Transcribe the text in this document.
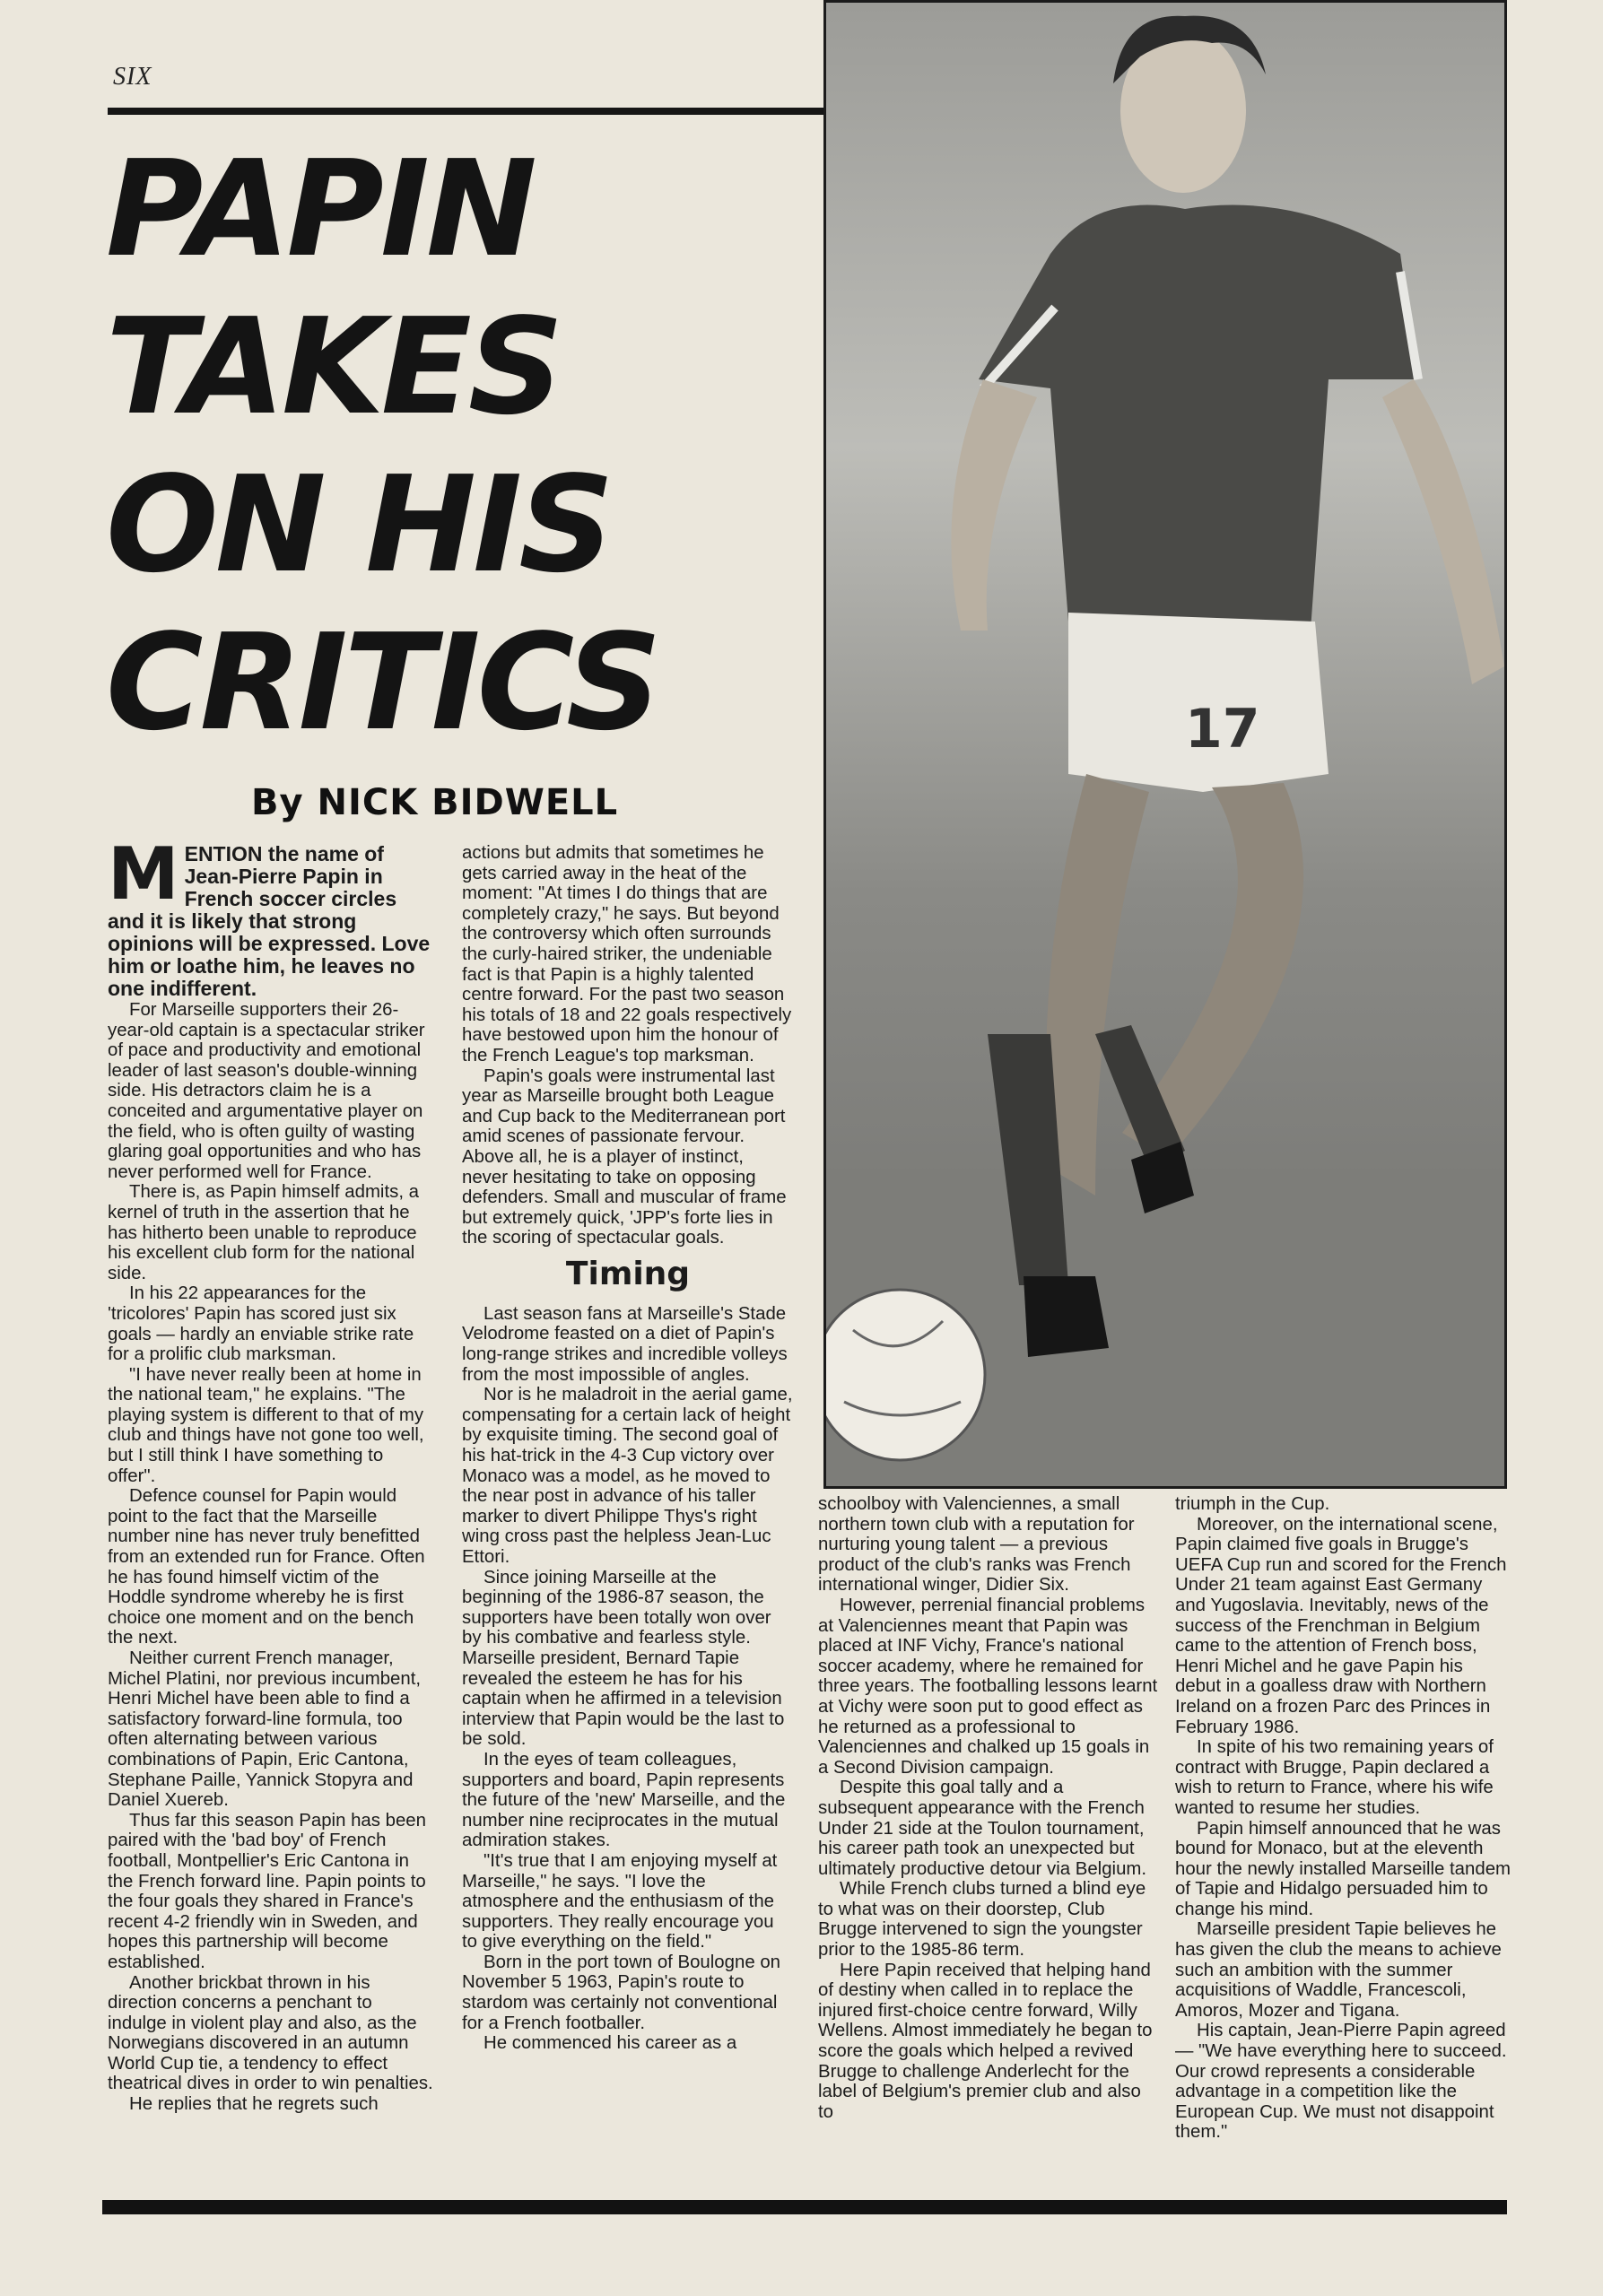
SIX
PAPIN
TAKES
ON HIS
CRITICS
By NICK BIDWELL
17

MENTION the name of Jean-Pierre Papin in French soccer circles and it is likely that strong opinions will be expressed. Love him or loathe him, he leaves no one indifferent.

For Marseille supporters their 26-year-old captain is a spectacular striker of pace and productivity and emotional leader of last season's double-winning side. His detractors claim he is a conceited and argumentative player on the field, who is often guilty of wasting glaring goal opportunities and who has never performed well for France.

There is, as Papin himself admits, a kernel of truth in the assertion that he has hitherto been unable to reproduce his excellent club form for the national side.

In his 22 appearances for the 'tricolores' Papin has scored just six goals — hardly an enviable strike rate for a prolific club marksman.

"I have never really been at home in the national team," he explains. "The playing system is different to that of my club and things have not gone too well, but I still think I have something to offer".

Defence counsel for Papin would point to the fact that the Marseille number nine has never truly benefitted from an extended run for France. Often he has found himself victim of the Hoddle syndrome whereby he is first choice one moment and on the bench the next.

Neither current French manager, Michel Platini, nor previous incumbent, Henri Michel have been able to find a satisfactory forward-line formula, too often alternating between various combinations of Papin, Eric Cantona, Stephane Paille, Yannick Stopyra and Daniel Xuereb.

Thus far this season Papin has been paired with the 'bad boy' of French football, Montpellier's Eric Cantona in the French forward line. Papin points to the four goals they shared in France's recent 4-2 friendly win in Sweden, and hopes this partnership will become established.

Another brickbat thrown in his direction concerns a penchant to indulge in violent play and also, as the Norwegians discovered in an autumn World Cup tie, a tendency to effect theatrical dives in order to win penalties.

He replies that he regrets such

actions but admits that sometimes he gets carried away in the heat of the moment: "At times I do things that are completely crazy," he says. But beyond the controversy which often surrounds the curly-haired striker, the undeniable fact is that Papin is a highly talented centre forward. For the past two season his totals of 18 and 22 goals respectively have bestowed upon him the honour of the French League's top marksman.

Papin's goals were instrumental last year as Marseille brought both League and Cup back to the Mediterranean port amid scenes of passionate fervour. Above all, he is a player of instinct, never hesitating to take on opposing defenders. Small and muscular of frame but extremely quick, 'JPP's forte lies in the scoring of spectacular goals.

Timing

Last season fans at Marseille's Stade Velodrome feasted on a diet of Papin's long-range strikes and incredible volleys from the most impossible of angles.

Nor is he maladroit in the aerial game, compensating for a certain lack of height by exquisite timing. The second goal of his hat-trick in the 4-3 Cup victory over Monaco was a model, as he moved to the near post in advance of his taller marker to divert Philippe Thys's right wing cross past the helpless Jean-Luc Ettori.

Since joining Marseille at the beginning of the 1986-87 season, the supporters have been totally won over by his combative and fearless style. Marseille president, Bernard Tapie revealed the esteem he has for his captain when he affirmed in a television interview that Papin would be the last to be sold.

In the eyes of team colleagues, supporters and board, Papin represents the future of the 'new' Marseille, and the number nine reciprocates in the mutual admiration stakes.

"It's true that I am enjoying myself at Marseille," he says. "I love the atmosphere and the enthusiasm of the supporters. They really encourage you to give everything on the field."

Born in the port town of Boulogne on November 5 1963, Papin's route to stardom was certainly not conventional for a French footballer.

He commenced his career as a

schoolboy with Valenciennes, a small northern town club with a reputation for nurturing young talent — a previous product of the club's ranks was French international winger, Didier Six.

However, perrenial financial problems at Valenciennes meant that Papin was placed at INF Vichy, France's national soccer academy, where he remained for three years. The footballing lessons learnt at Vichy were soon put to good effect as he returned as a professional to Valenciennes and chalked up 15 goals in a Second Division campaign.

Despite this goal tally and a subsequent appearance with the French Under 21 side at the Toulon tournament, his career path took an unexpected but ultimately productive detour via Belgium.

While French clubs turned a blind eye to what was on their doorstep, Club Brugge intervened to sign the youngster prior to the 1985-86 term.

Here Papin received that helping hand of destiny when called in to replace the injured first-choice centre forward, Willy Wellens. Almost immediately he began to score the goals which helped a revived Brugge to challenge Anderlecht for the label of Belgium's premier club and also to

triumph in the Cup.

Moreover, on the international scene, Papin claimed five goals in Brugge's UEFA Cup run and scored for the French Under 21 team against East Germany and Yugoslavia. Inevitably, news of the success of the Frenchman in Belgium came to the attention of French boss, Henri Michel and he gave Papin his debut in a goalless draw with Northern Ireland on a frozen Parc des Princes in February 1986.

In spite of his two remaining years of contract with Brugge, Papin declared a wish to return to France, where his wife wanted to resume her studies.

Papin himself announced that he was bound for Monaco, but at the eleventh hour the newly installed Marseille tandem of Tapie and Hidalgo persuaded him to change his mind.

Marseille president Tapie believes he has given the club the means to achieve such an ambition with the summer acquisitions of Waddle, Francescoli, Amoros, Mozer and Tigana.

His captain, Jean-Pierre Papin agreed — "We have everything here to succeed. Our crowd represents a considerable advantage in a competition like the European Cup. We must not disappoint them."
